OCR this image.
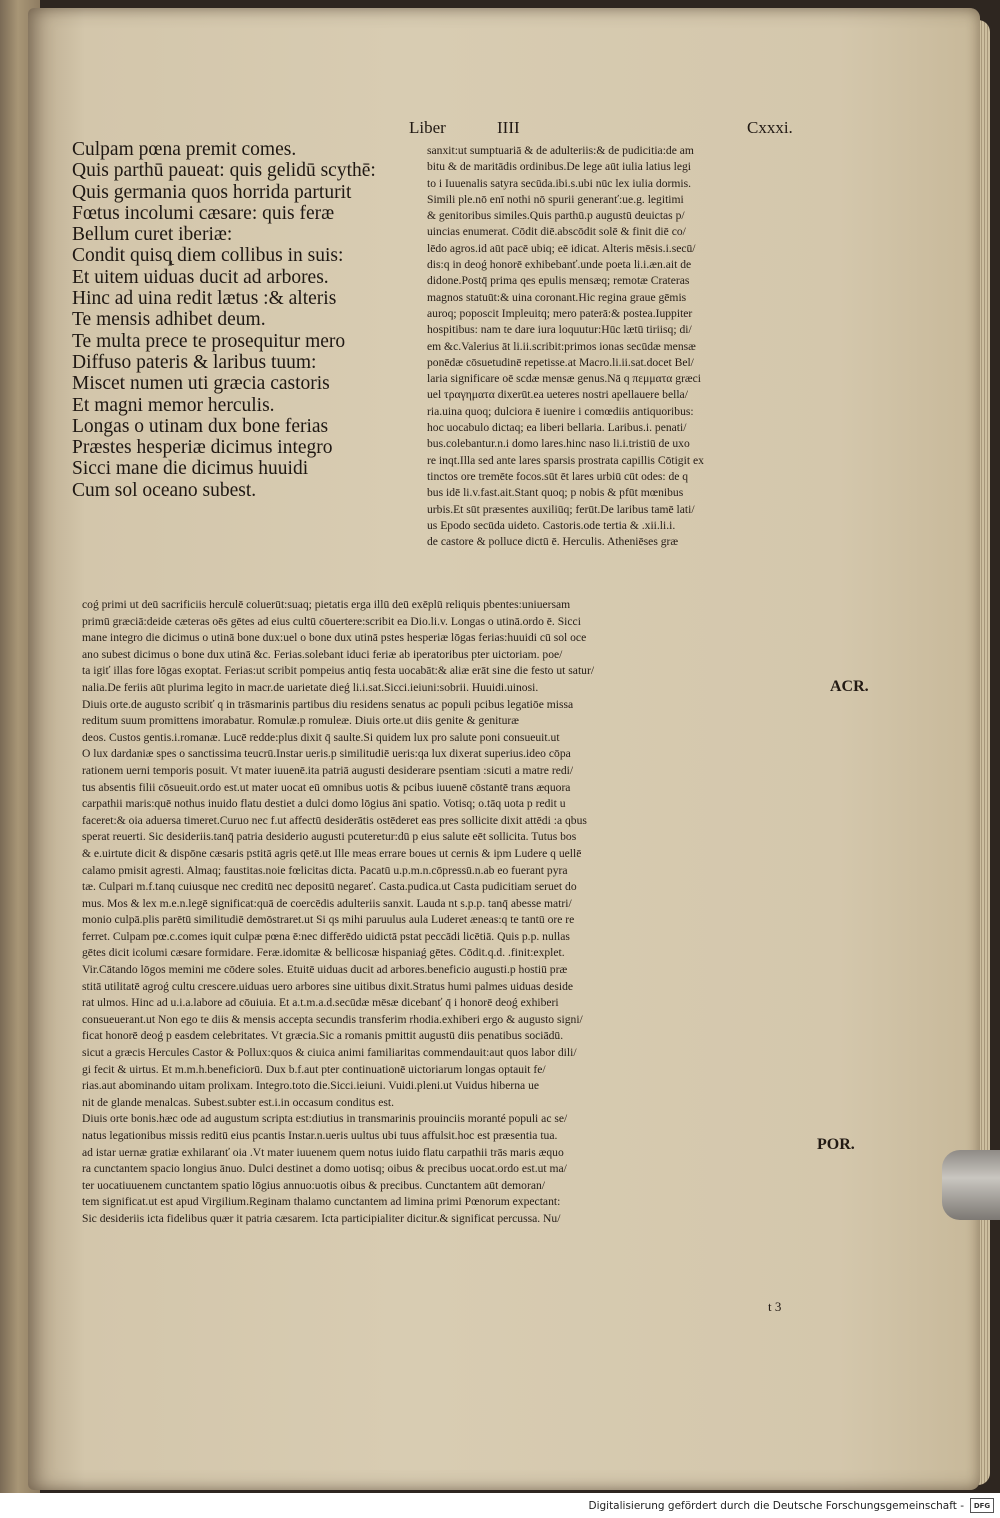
Liber	IIII	Cxxxi.
Culpam pœna premit comes.
Quis parthū paueat: quis gelidū scythē:
Quis germania quos horrida parturit
Fœtus incolumi cæsare: quis feræ
Bellum curet iberiæ:
Condit quisq̨ diem collibus in suis:
Et uitem uiduas ducit ad arbores.
Hinc ad uina redit lætus :& alteris
Te mensis adhibet deum.
Te multa prece te prosequitur mero
Diffuso pateris & laribus tuum:
Miscet numen uti græcia castoris
Et magni memor herculis.
Longas o utinam dux bone ferias
Præstes hesperiæ dicimus integro
Sicci mane die dicimus huuidi
Cum sol oceano subest.
sanxit:ut sumptuariā & de adulteriis:& de pudicitia:de am
bitu & de maritādis ordinibus.De lege aūt iulia latius legi
to i Iuuenalis satyra secūda.ibi.s.ubi nūc lex iulia dormis.
Simili ple.nō enī nothi nō spurii generanť:ue.g. legitimi
& genitoribus similes.Quis parthū.p augustū deuictas p/
uincias enumerat. Cōdit diē.abscōdit solē & finit diē co/
lēdo agros.id aūt pacē ubiq; eē idicat. Alteris mēsis.i.secū/
dis:q in deoǵ honorē exhibebanť.unde poeta li.i.æn.ait de
didone.Postq̄ prima qes epulis mensæq; remotæ Crateras
magnos statuūt:& uina coronant.Hic regina graue gēmis
auroq; poposcit Impleuitq; mero paterā:& postea.Iuppiter
hospitibus: nam te dare iura loquutur:Hūc lætū tiriisq; di/
em &c.Valerius āt li.ii.scribit:primos ionas secūdæ mensæ
ponēdæ cōsuetudinē repetisse.at Macro.li.ii.sat.docet Bel/
laria significare oē scdæ mensæ genus.Nā q πεμματα græci
uel τραγηματα dixerūt.ea ueteres nostri apellauere bella/
ria.uina quoq; dulciora ē iuenire i comœdiis antiquoribus:
hoc uocabulo dictaq; ea liberi bellaria. Laribus.i. penati/
bus.colebantur.n.i domo lares.hinc naso li.i.tristiū de uxo
re inqt.Illa sed ante lares sparsis prostrata capillis Cōtigit ex
tinctos ore tremēte focos.sūt ēt lares urbiū cūt odes: de q
bus idē li.v.fast.ait.Stant quoq; p nobis & pfūt mœnibus
urbis.Et sūt præsentes auxiliūq; ferūt.De laribus tamē lati/
us Epodo secūda uideto. Castoris.ode tertia & .xii.li.i.
de castore & polluce dictū ē. Herculis. Atheniēses græ
coǵ primi ut deū sacrificiis herculē coluerūt:suaq; pietatis erga illū deū exēplū reliquis pbentes:uniuersam
primū græciā:deide cæteras oēs gētes ad eius cultū cōuertere:scribit ea Dio.li.v. Longas o utinā.ordo ē. Sicci
mane integro die dicimus o utinā bone dux:uel o bone dux utinā pstes hesperiæ lōgas ferias:huuidi cū sol oce
ano subest dicimus o bone dux utinā &c. Ferias.solebant iduci feriæ ab iperatoribus pter uictoriam. poe/
ta igiť illas fore lōgas exoptat. Ferias:ut scribit pompeius antiq festa uocabāt:& aliæ erāt sine die festo ut satur/
nalia.De feriis aūt plurima legito in macr.de uarietate dieǵ li.i.sat.Sicci.ieiuni:sobrii. Huuidi.uinosi.
Diuis orte.de augusto scribiť q in trāsmarinis partibus diu residens senatus ac populi pcibus legatiōe missa
reditum suum promittens imorabatur. Romulæ.p romuleæ. Diuis orte.ut diis genite & genituræ
deos. Custos gentis.i.romanæ. Lucē redde:plus dixit q̄ saulte.Si quidem lux pro salute poni consueuit.ut
O lux dardaniæ spes o sanctissima teucrū.Instar ueris.p similitudiē ueris:qa lux dixerat superius.ideo cōpa
rationem uerni temporis posuit. Vt mater iuuenē.ita patriā augusti desiderare psentiam :sicuti a matre redi/
tus absentis filii cōsueuit.ordo est.ut mater uocat eū omnibus uotis & pcibus iuuenē cōstantē trans æquora
carpathii maris:quē nothus inuido flatu destiet a dulci domo lōgius āni spatio. Votisq; o.tāq uota p redit u
faceret:& oia aduersa timeret.Curuo nec f.ut affectū desiderātis ostēderet eas pres sollicite dixit attēdi :a qbus
sperat reuerti. Sic desideriis.tanq̄ patria desiderio augusti pcuteretur:dū p eius salute eēt sollicita. Tutus bos
& e.uirtute dicit & dispōne cæsaris pstitā agris qetē.ut Ille meas errare boues ut cernis & ipm Ludere q uellē
calamo pmisit agresti. Almaq; faustitas.noie fœlicitas dicta. Pacatū u.p.m.n.cōpressū.n.ab eo fuerant pyra
tæ. Culpari m.f.tanq cuiusque nec creditū nec depositū negareť. Casta.pudica.ut Casta pudicitiam seruet do
mus. Mos & lex m.e.n.legē significat:quā de coercēdis adulteriis sanxit. Lauda nt s.p.p. tanq̄ abesse matri/
monio culpā.plis parētū similitudiē demōstraret.ut Si qs mihi paruulus aula Luderet æneas:q te tantū ore re
ferret. Culpam pœ.c.comes iquit culpæ pœna ē:nec differēdo uidictā pstat peccādi licētiā. Quis p.p. nullas
gētes dicit icolumi cæsare formidare. Feræ.idomitæ & bellicosæ hispaniaǵ gētes. Cōdit.q.d. .finit:explet.
Vir.Cātando lōgos memini me cōdere soles. Etuitē uiduas ducit ad arbores.beneficio augusti.p hostiū præ
stitā utilitatē agroǵ cultu crescere.uiduas uero arbores sine uitibus dixit.Stratus humi palmes uiduas deside
rat ulmos. Hinc ad u.i.a.labore ad cōuiuia. Et a.t.m.a.d.secūdæ mēsæ dicebanť q̄ i honorē deoǵ exhiberi
consueuerant.ut Non ego te diis & mensis accepta secundis transferim rhodia.exhiberi ergo & augusto signi/
ficat honorē deoǵ p easdem celebritates. Vt græcia.Sic a romanis pmittit augustū diis penatibus sociādū.
sicut a græcis Hercules Castor & Pollux:quos & ciuica animi familiaritas commendauit:aut quos labor dili/
gi fecit & uirtus. Et m.m.h.beneficiorū. Dux b.f.aut pter continuationē uictoriarum longas optauit fe/
rias.aut abominando uitam prolixam. Integro.toto die.Sicci.ieiuni. Vuidi.pleni.ut Vuidus hiberna ue
nit de glande menalcas. Subest.subter est.i.in occasum conditus est.
Diuis orte bonis.hæc ode ad augustum scripta est:diutius in transmarinis prouinciis moranté populi ac se/
natus legationibus missis reditū eius pcantis Instar.n.ueris uultus ubi tuus affulsit.hoc est præsentia tua.
ad istar uernæ gratiæ exhilaranť oia .Vt mater iuuenem quem notus iuido flatu carpathii trās maris æquo
ra cunctantem spacio longius ānuo. Dulci destinet a domo uotisq; oibus & precibus uocat.ordo est.ut ma/
ter uocatiuuenem cunctantem spatio lōgius annuo:uotis oibus & precibus. Cunctantem aūt demoran/
tem significat.ut est apud Virgilium.Reginam thalamo cunctantem ad limina primi Pœnorum expectant:
Sic desideriis icta fidelibus quær it patria cæsarem. Icta participialiter dicitur.& significat percussa. Nu/
ACR.
POR.
t 3
Digitalisierung gefördert durch die Deutsche Forschungsgemeinschaft -	DFG
